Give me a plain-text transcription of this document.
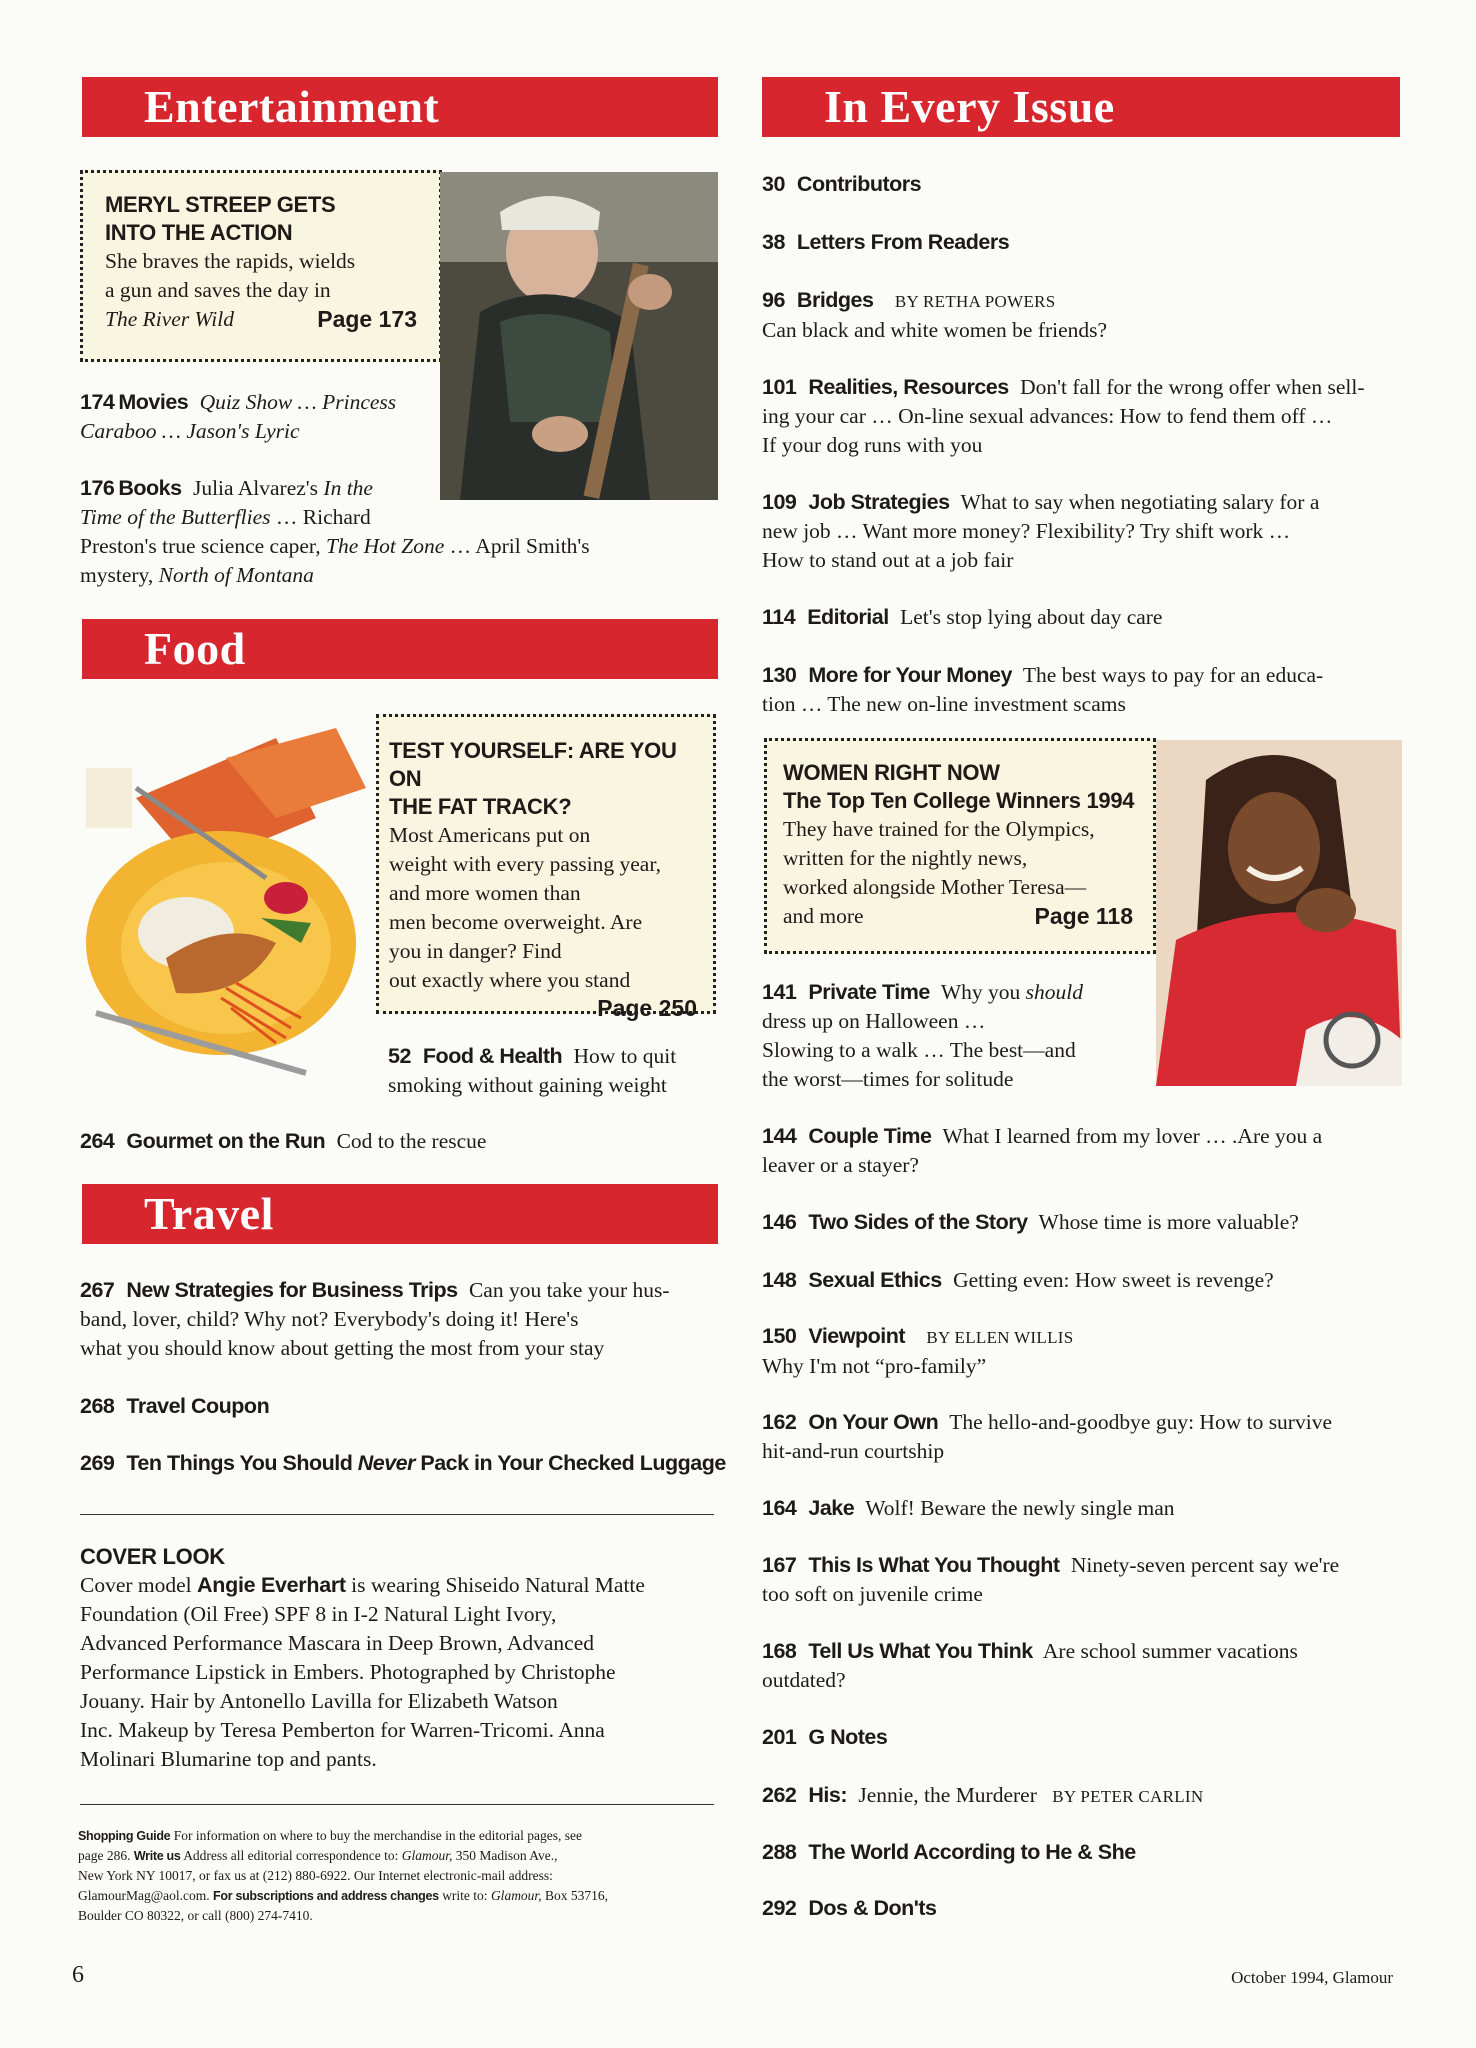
Entertainment
MERYL STREEP GETS
INTO THE ACTION
She braves the rapids, wields
a gun and saves the day in
The River Wild	Page 173
174 Movies Quiz Show … Princess
Caraboo … Jason's Lyric
176 Books Julia Alvarez's In the
Time of the Butterflies … Richard
Preston's true science caper, The Hot Zone … April Smith's
mystery, North of Montana
Food
TEST YOURSELF: ARE YOU ON
THE FAT TRACK?
Most Americans put on
weight with every passing year,
and more women than
men become overweight. Are
you in danger? Find
out exactly where you stand
Page 250
52 Food & Health How to quit
smoking without gaining weight
264 Gourmet on the Run Cod to the rescue
Travel
267 New Strategies for Business Trips Can you take your hus-
band, lover, child? Why not? Everybody's doing it! Here's
what you should know about getting the most from your stay
268 Travel Coupon
269 Ten Things You Should Never Pack in Your Checked Luggage
COVER LOOK
Cover model Angie Everhart is wearing Shiseido Natural Matte
Foundation (Oil Free) SPF 8 in I-2 Natural Light Ivory,
Advanced Performance Mascara in Deep Brown, Advanced
Performance Lipstick in Embers. Photographed by Christophe
Jouany. Hair by Antonello Lavilla for Elizabeth Watson
Inc. Makeup by Teresa Pemberton for Warren-Tricomi. Anna
Molinari Blumarine top and pants.
Shopping Guide For information on where to buy the merchandise in the editorial pages, see
page 286. Write us Address all editorial correspondence to: Glamour, 350 Madison Ave.,
New York NY 10017, or fax us at (212) 880-6922. Our Internet electronic-mail address:
GlamourMag@aol.com. For subscriptions and address changes write to: Glamour, Box 53716,
Boulder CO 80322, or call (800) 274-7410.
6
In Every Issue
30 Contributors
38 Letters From Readers
96 Bridges BY RETHA POWERS
Can black and white women be friends?
101 Realities, Resources Don't fall for the wrong offer when sell-
ing your car … On-line sexual advances: How to fend them off …
If your dog runs with you
109 Job Strategies What to say when negotiating salary for a
new job … Want more money? Flexibility? Try shift work …
How to stand out at a job fair
114 Editorial Let's stop lying about day care
130 More for Your Money The best ways to pay for an educa-
tion … The new on-line investment scams
WOMEN RIGHT NOW
The Top Ten College Winners 1994
They have trained for the Olympics,
written for the nightly news,
worked alongside Mother Teresa—
and more	Page 118
141 Private Time Why you should
dress up on Halloween …
Slowing to a walk … The best—and
the worst—times for solitude
144 Couple Time What I learned from my lover … .Are you a
leaver or a stayer?
146 Two Sides of the Story Whose time is more valuable?
148 Sexual Ethics Getting even: How sweet is revenge?
150 Viewpoint BY ELLEN WILLIS
Why I'm not “pro-family”
162 On Your Own The hello-and-goodbye guy: How to survive
hit-and-run courtship
164 Jake Wolf! Beware the newly single man
167 This Is What You Thought Ninety-seven percent say we're
too soft on juvenile crime
168 Tell Us What You Think Are school summer vacations
outdated?
201 G Notes
262 His: Jennie, the Murderer BY PETER CARLIN
288 The World According to He & She
292 Dos & Don'ts
October 1994, Glamour
